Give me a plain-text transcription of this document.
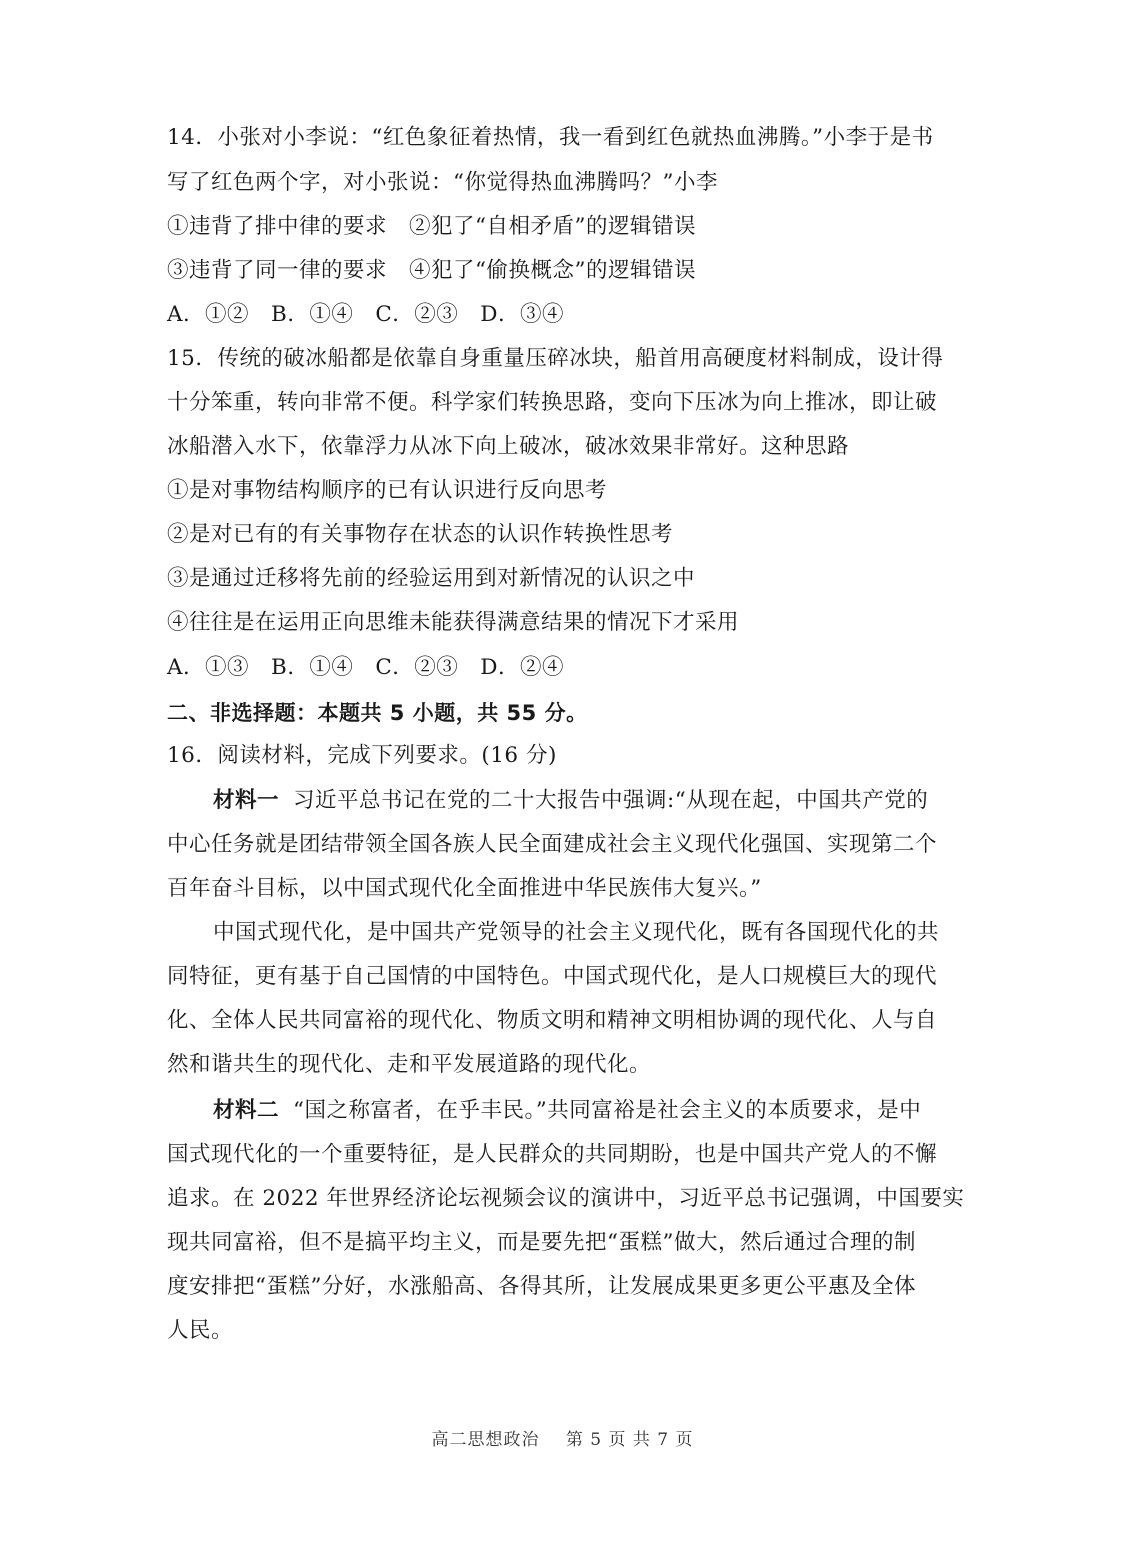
14．小张对小李说：“红色象征着热情，我一看到红色就热血沸腾。”小李于是书
写了红色两个字，对小张说：“你觉得热血沸腾吗？”小李
①违背了排中律的要求　②犯了“自相矛盾”的逻辑错误
③违背了同一律的要求　④犯了“偷换概念”的逻辑错误
A．①②　B．①④　C．②③　D．③④
15．传统的破冰船都是依靠自身重量压碎冰块，船首用高硬度材料制成，设计得
十分笨重，转向非常不便。科学家们转换思路，变向下压冰为向上推冰，即让破
冰船潜入水下，依靠浮力从冰下向上破冰，破冰效果非常好。这种思路
①是对事物结构顺序的已有认识进行反向思考
②是对已有的有关事物存在状态的认识作转换性思考
③是通过迁移将先前的经验运用到对新情况的认识之中
④往往是在运用正向思维未能获得满意结果的情况下才采用
A．①③　B．①④　C．②③　D．②④
二、非选择题：本题共 5 小题，共 55 分。
16．阅读材料，完成下列要求。(16 分)
材料一 习近平总书记在党的二十大报告中强调:“从现在起，中国共产党的
中心任务就是团结带领全国各族人民全面建成社会主义现代化强国、实现第二个
百年奋斗目标，以中国式现代化全面推进中华民族伟大复兴。”
中国式现代化，是中国共产党领导的社会主义现代化，既有各国现代化的共
同特征，更有基于自己国情的中国特色。中国式现代化，是人口规模巨大的现代
化、全体人民共同富裕的现代化、物质文明和精神文明相协调的现代化、人与自
然和谐共生的现代化、走和平发展道路的现代化。
材料二 “国之称富者，在乎丰民。”共同富裕是社会主义的本质要求，是中
国式现代化的一个重要特征，是人民群众的共同期盼，也是中国共产党人的不懈
追求。在 2022 年世界经济论坛视频会议的演讲中，习近平总书记强调，中国要实
现共同富裕，但不是搞平均主义，而是要先把“蛋糕”做大，然后通过合理的制
度安排把“蛋糕”分好，水涨船高、各得其所，让发展成果更多更公平惠及全体
人民。
高二思想政治 第 5 页 共 7 页
